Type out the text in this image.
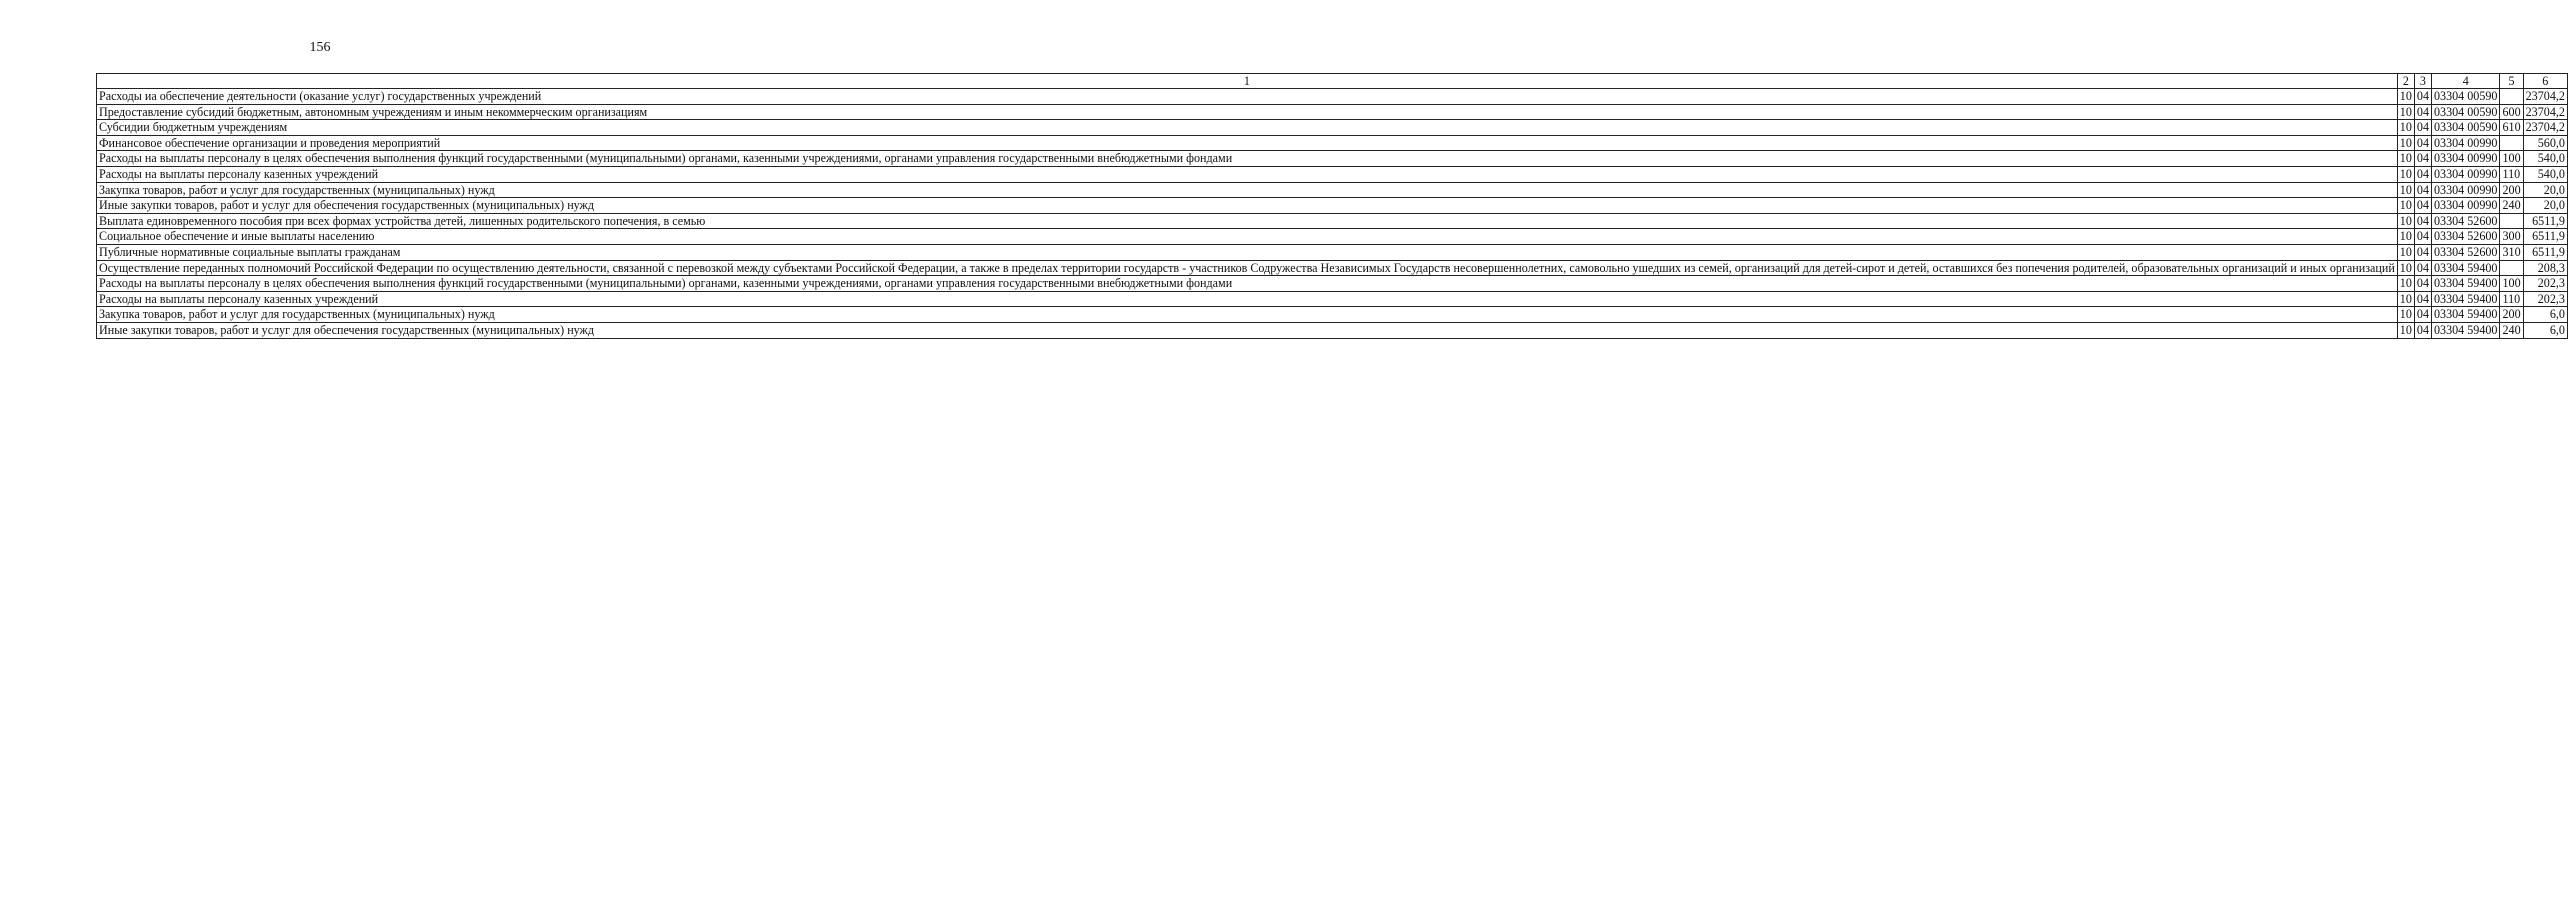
156
1	2	3	4	5	6
Расходы иа обеспечение деятельности (оказание услуг) государственных учреждений	10	04	03304 00590		23704,2
Предоставление субсидий бюджетным, автономным учреждениям и иным некоммерческим организациям	10	04	03304 00590	600	23704,2
Субсидии бюджетным учреждениям	10	04	03304 00590	610	23704,2
Финансовое обеспечение организации и проведения мероприятий	10	04	03304 00990		560,0
Расходы на выплаты персоналу в целях обеспечения выполнения функций государственными (муниципальными) органами, казенными учреждениями, органами управления государственными внебюджетными фондами	10	04	03304 00990	100	540,0
Расходы на выплаты персоналу казенных учреждений	10	04	03304 00990	110	540,0
Закупка товаров, работ и услуг для государственных (муниципальных) нужд	10	04	03304 00990	200	20,0
Иные закупки товаров, работ и услуг для обеспечения государственных (муниципальных) нужд	10	04	03304 00990	240	20,0
Выплата единовременного пособия при всех формах устройства детей, лишенных родительского попечения, в семью	10	04	03304 52600		6511,9
Социальное обеспечение и иные выплаты населению	10	04	03304 52600	300	6511,9
Публичные нормативные социальные выплаты гражданам	10	04	03304 52600	310	6511,9
Осуществление переданных полномочий Российской Федерации по осуществлению деятельности, связанной с перевозкой между субъектами Российской Федерации, а также в пределах территории государств - участников Содружества Независимых Государств несовершеннолетних, самовольно ушедших из семей, организаций для детей-сирот и детей, оставшихся без попечения родителей, образовательных организаций и иных организаций	10	04	03304 59400		208,3
Расходы на выплаты персоналу в целях обеспечения выполнения функций государственными (муниципальными) органами, казенными учреждениями, органами управления государственными внебюджетными фондами	10	04	03304 59400	100	202,3
Расходы на выплаты персоналу казенных учреждений	10	04	03304 59400	110	202,3
Закупка товаров, работ и услуг для государственных (муниципальных) нужд	10	04	03304 59400	200	6,0
Иные закупки товаров, работ и услуг для обеспечения государственных (муниципальных) нужд	10	04	03304 59400	240	6,0
